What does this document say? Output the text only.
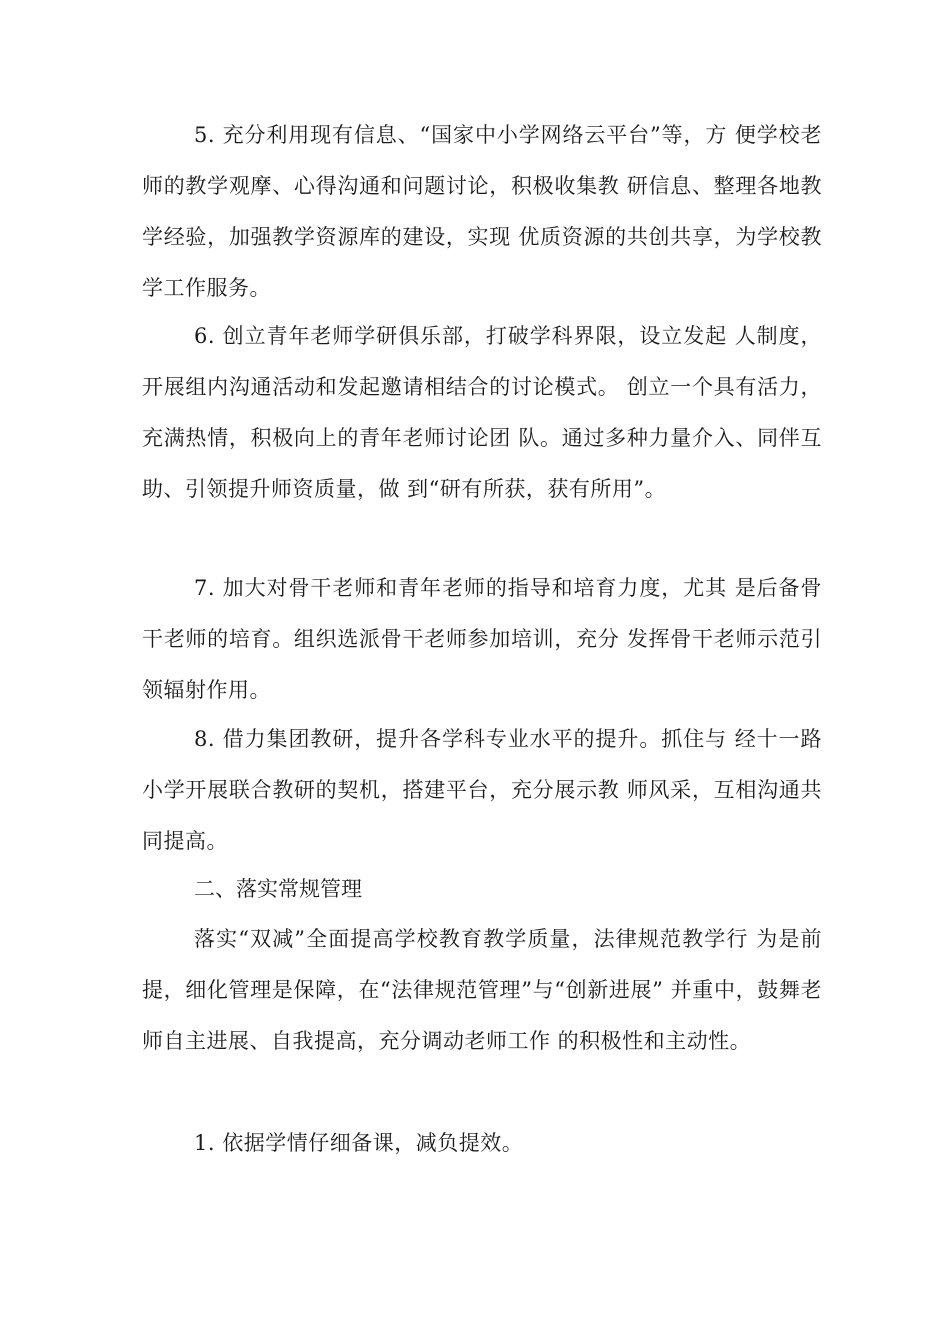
5. 充分利用现有信息、“国家中小学网络云平台”等，方 便学校老师的教学观摩、心得沟通和问题讨论，积极收集教 研信息、整理各地教学经验，加强教学资源库的建设，实现 优质资源的共创共享，为学校教学工作服务。

6. 创立青年老师学研俱乐部，打破学科界限，设立发起 人制度，开展组内沟通活动和发起邀请相结合的讨论模式。 创立一个具有活力，充满热情，积极向上的青年老师讨论团 队。通过多种力量介入、同伴互助、引领提升师资质量，做 到“研有所获，获有所用”。

7. 加大对骨干老师和青年老师的指导和培育力度，尤其 是后备骨干老师的培育。组织选派骨干老师参加培训，充分 发挥骨干老师示范引领辐射作用。

8. 借力集团教研，提升各学科专业水平的提升。抓住与 经十一路小学开展联合教研的契机，搭建平台，充分展示教 师风采，互相沟通共同提高。

二、落实常规管理

落实“双减”全面提高学校教育教学质量，法律规范教学行 为是前提，细化管理是保障，在“法律规范管理”与“创新进展” 并重中，鼓舞老师自主进展、自我提高，充分调动老师工作 的积极性和主动性。

1. 依据学情仔细备课，减负提效。
